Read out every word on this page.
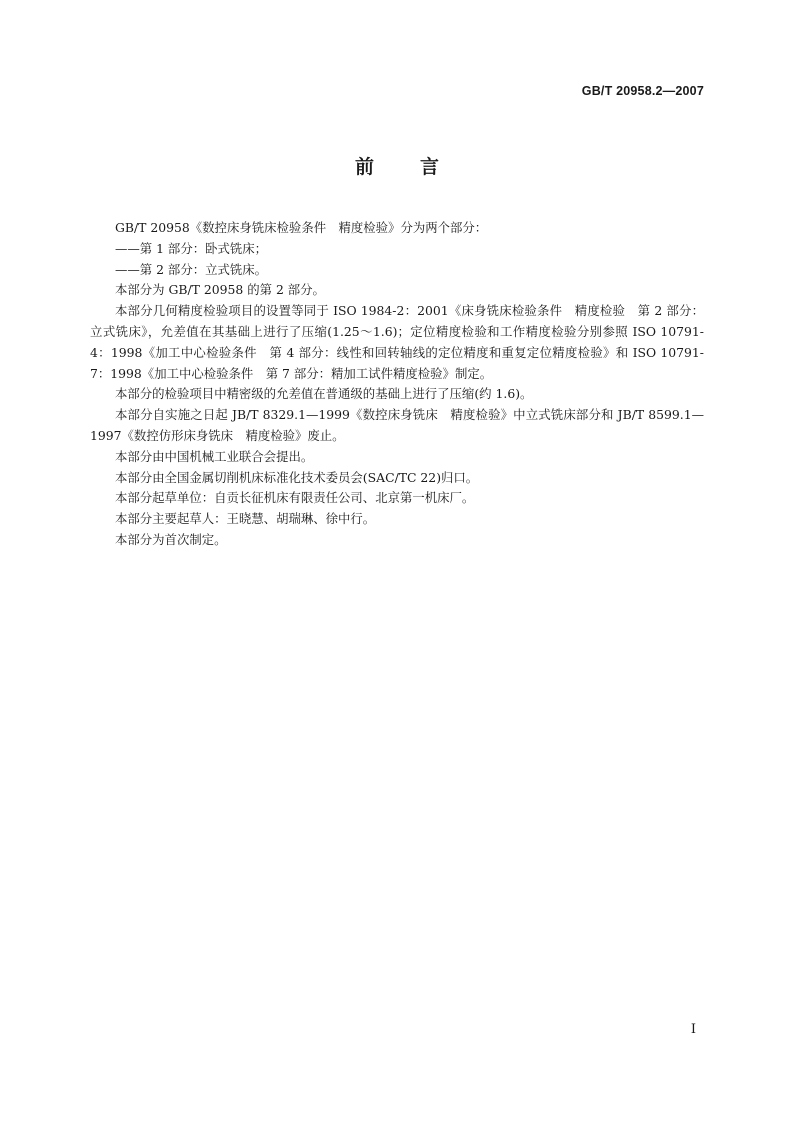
GB/T 20958.2—2007
前言

GB/T 20958《数控床身铣床检验条件　精度检验》分为两个部分：

——第 1 部分：卧式铣床；

——第 2 部分：立式铣床。

本部分为 GB/T 20958 的第 2 部分。

本部分几何精度检验项目的设置等同于 ISO 1984-2：2001《床身铣床检验条件　精度检验　第 2 部分：立式铣床》，允差值在其基础上进行了压缩(1.25～1.6)；定位精度检验和工作精度检验分别参照 ISO 10791-4：1998《加工中心检验条件　第 4 部分：线性和回转轴线的定位精度和重复定位精度检验》和 ISO 10791-7：1998《加工中心检验条件　第 7 部分：精加工试件精度检验》制定。

本部分的检验项目中精密级的允差值在普通级的基础上进行了压缩(约 1.6)。

本部分自实施之日起 JB/T 8329.1—1999《数控床身铣床　精度检验》中立式铣床部分和 JB/T 8599.1—1997《数控仿形床身铣床　精度检验》废止。

本部分由中国机械工业联合会提出。

本部分由全国金属切削机床标准化技术委员会(SAC/TC 22)归口。

本部分起草单位：自贡长征机床有限责任公司、北京第一机床厂。

本部分主要起草人：王晓慧、胡瑞琳、徐中行。

本部分为首次制定。

I
